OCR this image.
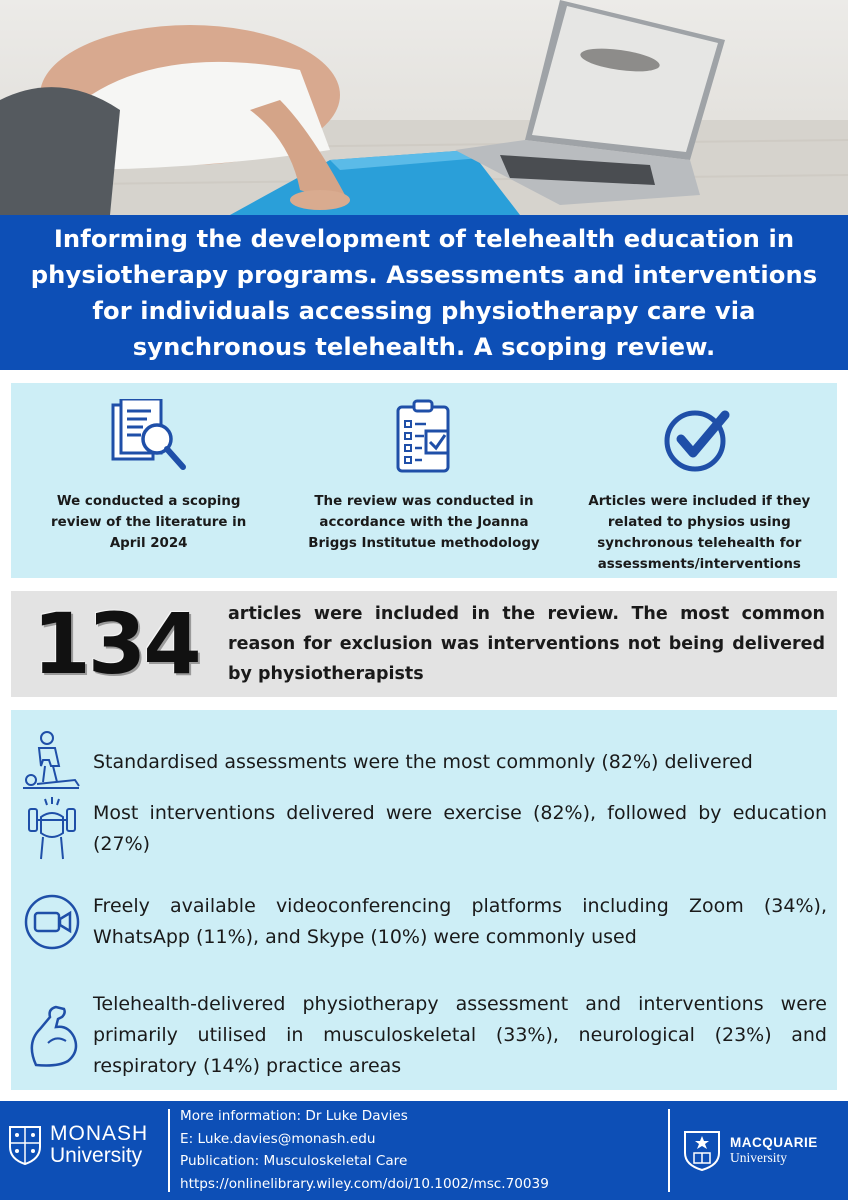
Informing the development of telehealth education in physiotherapy programs. Assessments and interventions for individuals accessing physiotherapy care via synchronous telehealth. A scoping review.
We conducted a scoping review of the literature in April 2024
The review was conducted in accordance with the Joanna Briggs Institutue methodology
Articles were included if they related to physios using synchronous telehealth for assessments/interventions
134	articles were included in the review. The most common reason for exclusion was interventions not being delivered by physiotherapists
Standardised assessments were the most commonly (82%) delivered
Most interventions delivered were exercise (82%), followed by education (27%)
Freely available videoconferencing platforms including Zoom (34%), WhatsApp (11%), and Skype (10%) were commonly used
Telehealth-delivered physiotherapy assessment and interventions were primarily utilised in musculoskeletal (33%), neurological (23%) and respiratory (14%) practice areas
MONASH
University
More information: Dr Luke Davies
E: Luke.davies@monash.edu
Publication: Musculoskeletal Care
https://onlinelibrary.wiley.com/doi/10.1002/msc.70039
MACQUARIE
University
